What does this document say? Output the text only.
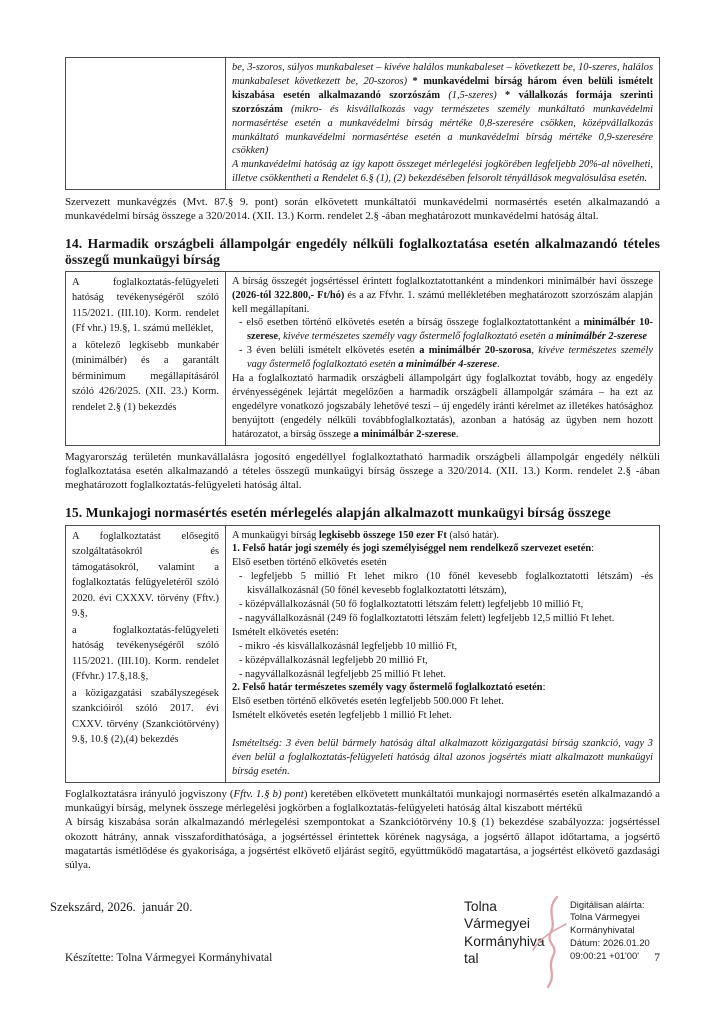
be, 3-szoros, súlyos munkabaleset – kivéve halálos munkabaleset – következett be, 10-szeres, halálos munkabaleset következett be, 20-szoros) * munkavédelmi bírság három éven belüli ismételt kiszabása esetén alkalmazandó szorzószám (1,5-szeres) * vállalkozás formája szerinti szorzószám (mikro- és kisvállalkozás vagy természetes személy munkáltató munkavédelmi normasértése esetén a munkavédelmi bírság mértéke 0,8-szeresére csökken, középvállalkozás munkáltató munkavédelmi normasértése esetén a munkavédelmi bírság mértéke 0,9-szeresére csökken)
A munkavédelmi hatóság az így kapott összeget mérlegelési jogkörében legfeljebb 20%-al növelheti, illetve csökkentheti a Rendelet 6.§ (1), (2) bekezdésében felsorolt tényállások megvalósulása esetén.
Szervezett munkavégzés (Mvt. 87.§ 9. pont) során elkövetett munkáltatói munkavédelmi normasértés esetén alkalmazandó a munkavédelmi bírság összege a 320/2014. (XII. 13.) Korm. rendelet 2.§ -ában meghatározott munkavédelmi hatóság által.
14. Harmadik országbeli állampolgár engedély nélküli foglalkoztatása esetén alkalmazandó tételes összegű munkaügyi bírság
A foglalkoztatás-felügyeleti hatóság tevékenységéről szóló 115/2021. (III.10). Korm. rendelet (Ff vhr.) 19.§, 1. számú melléklet,
a kötelező legkisebb munkabér (minimálbér) és a garantált bérminimum megállapításáról szóló 426/2025. (XII. 23.) Korm. rendelet 2.§ (1) bekezdés

A bírság összegét jogsértéssel érintett foglalkoztatottanként a mindenkori minimálbér havi összege (2026-tól 322.800,- Ft/hó) és a az Ffvhr. 1. számú mellékletében meghatározott szorzószám alapján kell megállapítani.
- első esetben történő elkövetés esetén a bírság összege foglalkoztatottanként a minimálbér 10-szerese, kivéve természetes személy vagy őstermelő foglalkoztató esetén a minimálbér 2-szerese
- 3 éven belüli ismételt elkövetés esetén a minimálbér 20-szorosa, kivéve természetes személy vagy őstermelő foglalkoztató esetén a minimálbér 4-szerese.
Ha a foglalkoztató harmadik országbeli állampolgárt úgy foglalkoztat tovább, hogy az engedély érvényességének lejártát megelőzően a harmadik országbeli állampolgár számára – ha ezt az engedélyre vonatkozó jogszabály lehetővé teszi – új engedély iránti kérelmet az illetékes hatósághoz benyújtott (engedély nélküli továbbfoglalkoztatás), azonban a hatóság az ügyben nem hozott határozatot, a bírság összege a minimálbár 2-szerese.
Magyarország területén munkavállalásra jogosító engedéllyel foglalkoztatható harmadik országbeli állampolgár engedély nélküli foglalkoztatása esetén alkalmazandó a tételes összegű munkaügyi bírság összege a 320/2014. (XII. 13.) Korm. rendelet 2.§ -ában meghatározott foglalkoztatás-felügyeleti hatóság által.
15. Munkajogi normasértés esetén mérlegelés alapján alkalmazott munkaügyi bírság összege
A foglalkoztatást elősegítő szolgáltatásokról és támogatásokról, valamint a foglalkoztatás felügyeletéről szóló 2020. évi CXXXV. törvény (Fftv.) 9.§,
a foglalkoztatás-felügyeleti hatóság tevékenységéről szóló 115/2021. (III.10). Korm. rendelet (Ffvhr.) 17.§,18.§,
a közigazgatási szabályszegések szankcióiról szóló 2017. évi CXXV. törvény (Szankciótörvény) 9.§, 10.§ (2),(4) bekezdés

A munkaügyi bírság legkisebb összege 150 ezer Ft (alsó határ).
1. Felső határ jogi személy és jogi személyiséggel nem rendelkező szervezet esetén:
Első esetben történő elkövetés esetén
- legfeljebb 5 millió Ft lehet mikro (10 főnél kevesebb foglalkoztatotti létszám) -és kisvállalkozásnál (50 főnél kevesebb foglalkoztatotti létszám),
- középvállalkozásnál (50 fő foglalkoztatotti létszám felett) legfeljebb 10 millió Ft,
- nagyvállalkozásnál (249 fő foglalkoztatotti létszám felett) legfeljebb 12,5 millió Ft lehet.
Ismételt elkövetés esetén:
- mikro -és kisvállalkozásnál legfeljebb 10 millió Ft,
- középvállalkozásnál legfeljebb 20 millió Ft,
- nagyvállalkozásnál legfeljebb 25 millió Ft lehet.
2. Felső határ természetes személy vagy őstermelő foglalkoztató esetén:
Első esetben történő elkövetés esetén legfeljebb 500.000 Ft lehet.
Ismételt elkövetés esetén legfeljebb 1 millió Ft lehet.

Ismételtség: 3 éven belül bármely hatóság által alkalmazott közigazgatási bírság szankció, vagy 3 éven belül a foglalkoztatás-felügyeleti hatóság által azonos jogsértés miatt alkalmazott munkaügyi bírság esetén.
Foglalkoztatásra irányuló jogviszony (Fftv. 1.§ b) pont) keretében elkövetett munkáltatói munkajogi normasértés esetén alkalmazandó a munkaügyi bírság, melynek összege mérlegelési jogkörben a foglalkoztatás-felügyeleti hatóság által kiszabott mértékű
A bírság kiszabása során alkalmazandó mérlegelési szempontokat a Szankciótörvény 10.§ (1) bekezdése szabályozza: jogsértéssel okozott hátrány, annak visszafordíthatósága, a jogsértéssel érintettek körének nagysága, a jogsértő állapot időtartama, a jogsértő magatartás ismétlődése és gyakorisága, a jogsértést elkövető eljárást segítő, együttműködő magatartása, a jogsértést elkövető gazdasági súlya.
Szekszárd, 2026.  január 20.	Tolna
Vármegyei
Kormányhiva
tal
Digitálisan aláírta:
Tolna Vármegyei
Kormányhivatal
Dátum: 2026.01.20
09:00:21 +01'00'
Készítette: Tolna Vármegyei Kormányhivatal	7
